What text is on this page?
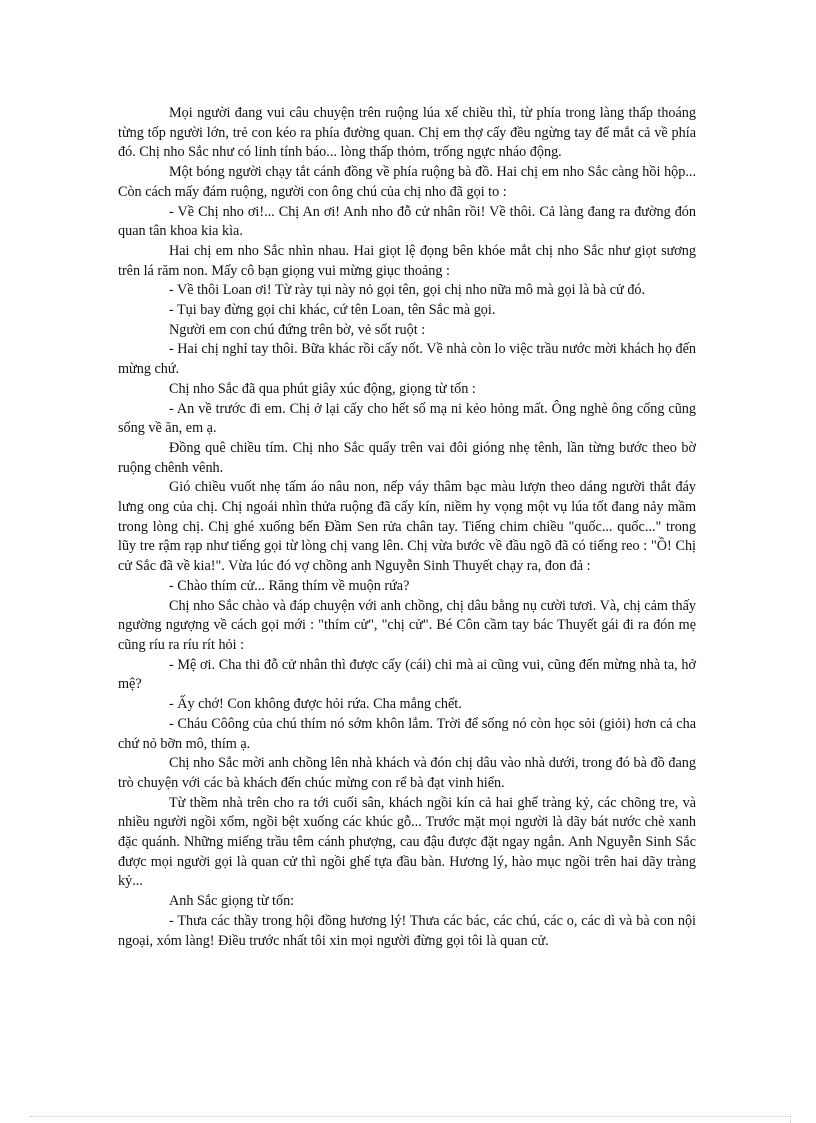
Mọi người đang vui câu chuyện trên ruộng lúa xế chiều thì, từ phía trong làng thấp thoáng từng tốp người lớn, trẻ con kéo ra phía đường quan. Chị em thợ cấy đều ngừng tay để mắt cả về phía đó. Chị nho Sắc như có linh tính báo... lòng thấp thỏm, trống ngực nháo động.

Một bóng người chạy tắt cánh đồng về phía ruộng bà đồ. Hai chị em nho Sắc càng hồi hộp... Còn cách mấy đám ruộng, người con ông chú của chị nho đã gọi to :

- Về Chị nho ơi!... Chị An ơi! Anh nho đỗ cử nhân rồi! Về thôi. Cả làng đang ra đường đón quan tân khoa kia kìa.

Hai chị em nho Sắc nhìn nhau. Hai giọt lệ đọng bên khóe mắt chị nho Sắc như giọt sương trên lá răm non. Mấy cô bạn giọng vui mừng giục thoảng :

- Về thôi Loan ơi! Từ rày tụi này nỏ gọi tên, gọi chị nho nữa mô mà gọi là bà cử đó.

- Tụi bay đừng gọi chi khác, cứ tên Loan, tên Sắc mà gọi.

Người em con chú đứng trên bờ, vẻ sốt ruột :

- Hai chị nghỉ tay thôi. Bữa khác rồi cấy nốt. Về nhà còn lo việc trầu nước mời khách họ đến mừng chứ.

Chị nho Sắc đã qua phút giây xúc động, giọng từ tốn :

- An về trước đi em. Chị ở lại cấy cho hết số mạ ni kẻo hỏng mất. Ông nghè ông cống cũng sống về ăn, em ạ.

Đồng quê chiều tím. Chị nho Sắc quẩy trên vai đôi gióng nhẹ tênh, lần từng bước theo bờ ruộng chênh vênh.

Gió chiều vuốt nhẹ tấm áo nâu non, nếp váy thâm bạc màu lượn theo dáng người thắt đáy lưng ong của chị. Chị ngoái nhìn thửa ruộng đã cấy kín, niềm hy vọng một vụ lúa tốt đang nảy mầm trong lòng chị. Chị ghé xuống bến Đầm Sen rửa chân tay. Tiếng chim chiều "quốc... quốc..." trong lũy tre rậm rạp như tiếng gọi từ lòng chị vang lên. Chị vừa bước về đầu ngõ đã có tiếng reo : "Ồ! Chị cử Sắc đã về kia!". Vừa lúc đó vợ chồng anh Nguyễn Sinh Thuyết chạy ra, đon đả :

- Chào thím cử... Răng thím về muộn rứa?

Chị nho Sắc chào và đáp chuyện với anh chồng, chị dâu bằng nụ cười tươi. Và, chị cảm thấy ngường ngượng về cách gọi mới : "thím cử", "chị cử". Bé Côn cầm tay bác Thuyết gái đi ra đón mẹ cũng ríu ra ríu rít hỏi :

- Mệ ơi. Cha thi đỗ cử nhân thì được cấy (cái) chi mà ai cũng vui, cũng đến mừng nhà ta, hở mệ?

- Ấy chớ! Con không được hỏi rứa. Cha mắng chết.

- Cháu Côông của chú thím nó sớm khôn lắm. Trời để sống nó còn học sỏi (giỏi) hơn cả cha chứ nỏ bỡn mô, thím ạ.

Chị nho Sắc mời anh chồng lên nhà khách và đón chị dâu vào nhà dưới, trong đó bà đồ đang trò chuyện với các bà khách đến chúc mừng con rể bà đạt vinh hiển.

Từ thềm nhà trên cho ra tới cuối sân, khách ngồi kín cả hai ghế tràng kỷ, các chõng tre, và nhiều người ngồi xổm, ngồi bệt xuống các khúc gỗ... Trước mặt mọi người là dãy bát nước chè xanh đặc quánh. Những miếng trầu têm cánh phượng, cau đậu được đặt ngay ngắn. Anh Nguyễn Sinh Sắc được mọi người gọi là quan cử thì ngồi ghế tựa đầu bàn. Hương lý, hào mục ngồi trên hai dãy tràng kỷ...

Anh Sắc giọng từ tốn:

- Thưa các thầy trong hội đồng hương lý! Thưa các bác, các chú, các o, các dì và bà con nội ngoại, xóm làng! Điều trước nhất tôi xin mọi người đừng gọi tôi là quan cử.
